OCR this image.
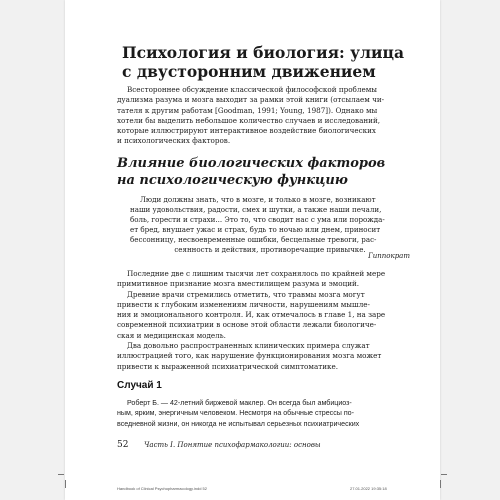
Психология и биология: улица
с двусторонним движением
Всестороннее обсуждение классической философской проблемы
дуализма разума и мозга выходит за рамки этой книги (отсылаем чи-
тателя к другим работам [Goodman, 1991; Young, 1987]). Однако мы
хотели бы выделить небольшое количество случаев и исследований,
которые иллюстрируют интерактивное воздействие биологических
и психологических факторов.
Влияние биологических факторов
на психологическую функцию
Люди должны знать, что в мозге, и только в мозге, возникают
наши удовольствия, радости, смех и шутки, а также наши печали,
боль, горести и страхи... Это то, что сводит нас с ума или порожда-
ет бред, внушает ужас и страх, будь то ночью или днем, приносит
бессонницу, несвоевременные ошибки, бесцельные тревоги, рас-
сеянность и действия, противоречащие привычке.
Гиппократ

Последние две с лишним тысячи лет сохранялось по крайней мере
примитивное признание мозга вместилищем разума и эмоций.

Древние врачи стремились отметить, что травмы мозга могут
привести к глубоким изменениям личности, нарушениям мышле-
ния и эмоционального контроля. И, как отмечалось в главе 1, на заре
современной психиатрии в основе этой области лежали биологиче-
ская и медицинская модель.

Два довольно распространенных клинических примера служат
иллюстрацией того, как нарушение функционирования мозга может
привести к выраженной психиатрической симптоматике.

Случай 1
Роберт Б. — 42-летний биржевой маклер. Он всегда был амбициоз-
ным, ярким, энергичным человеком. Несмотря на обычные стрессы по-
вседневной жизни, он никогда не испытывал серьезных психиатрических
52 Часть I. Понятие психофармакологии: основы
Handbook of Clinical Psychopharmacology.indd 52	27.01.2022 19:35:18
